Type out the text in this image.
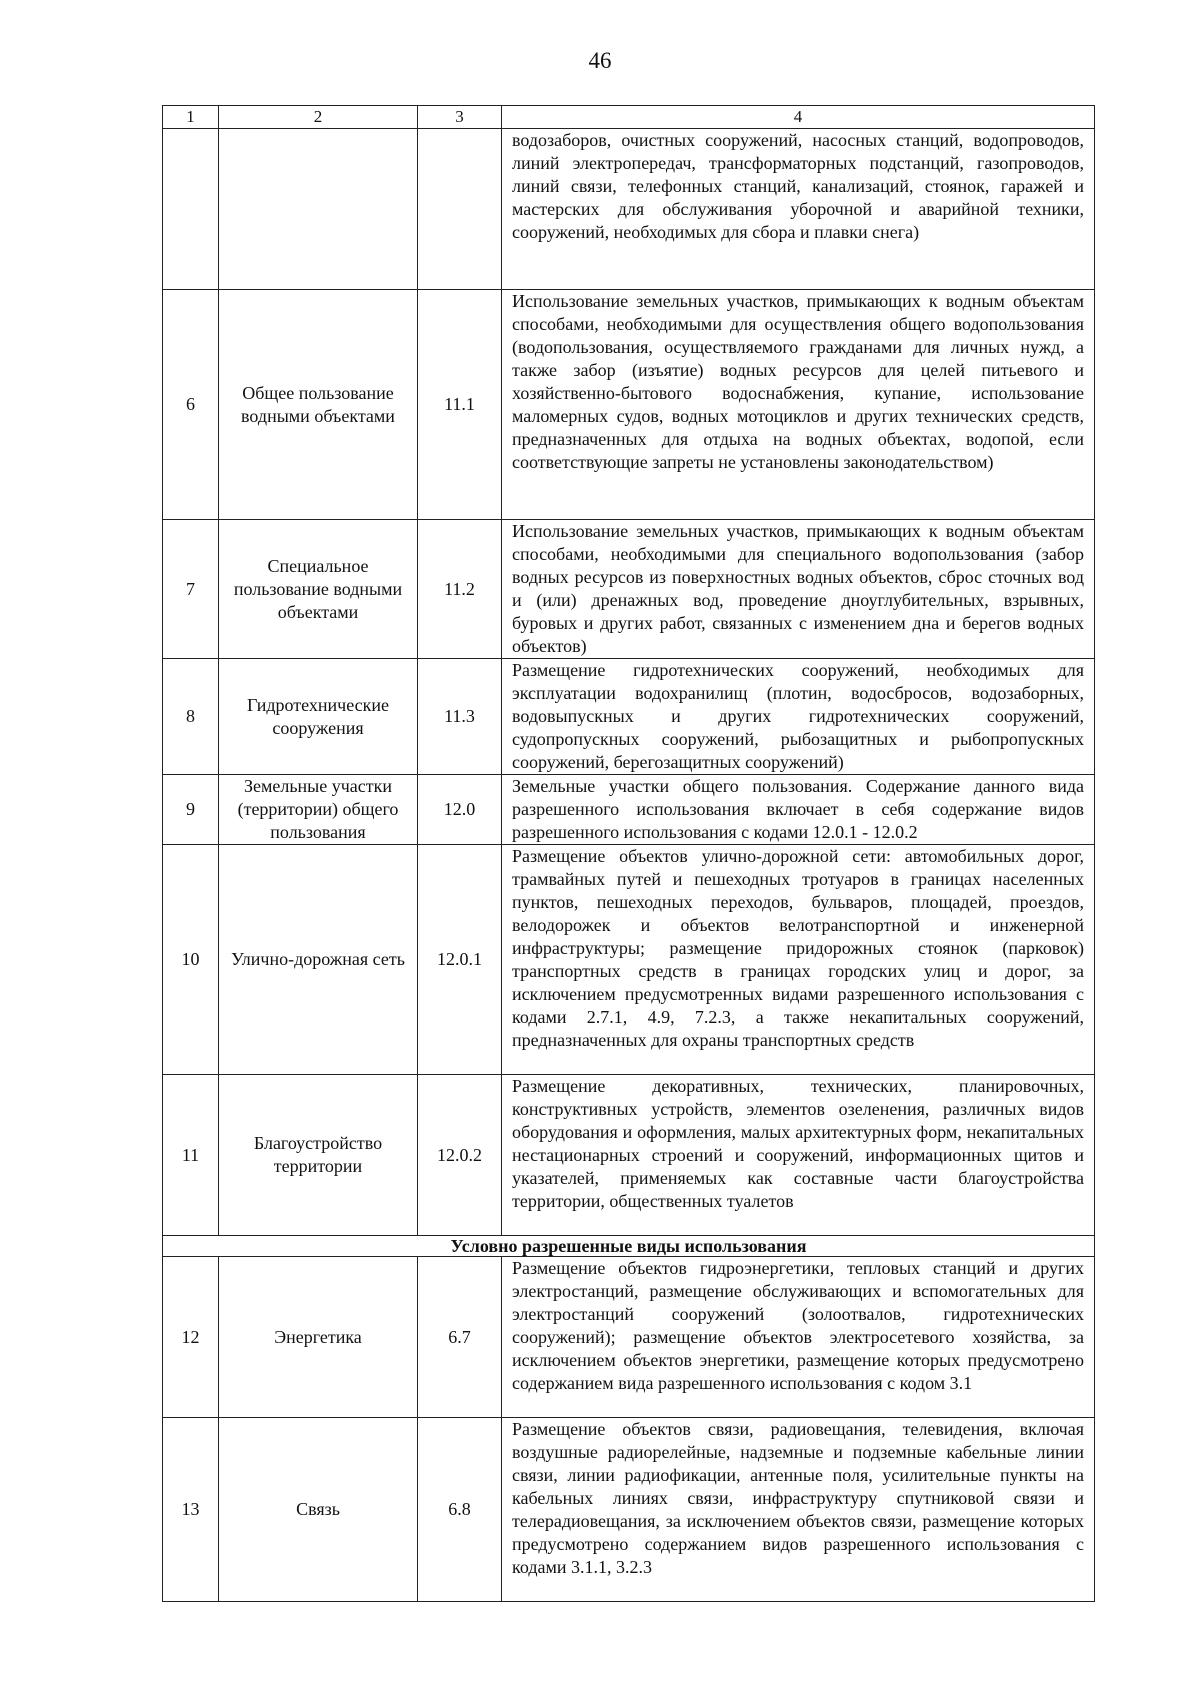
46
1	2	3	4
			водозаборов, очистных сооружений, насосных станций, водопроводов, линий электропередач, трансформаторных подстанций, газопроводов, линий связи, телефонных станций, канализаций, стоянок, гаражей и мастерских для обслуживания уборочной и аварийной техники, сооружений, необходимых для сбора и плавки снега)
6	Общее пользование водными объектами	11.1	Использование земельных участков, примыкающих к водным объектам способами, необходимыми для осуществления общего водопользования (водопользования, осуществляемого гражданами для личных нужд, а также забор (изъятие) водных ресурсов для целей питьевого и хозяйственно-бытового водоснабжения, купание, использование маломерных судов, водных мотоциклов и других технических средств, предназначенных для отдыха на водных объектах, водопой, если соответствующие запреты не установлены законодательством)
7	Специальное пользование водными объектами	11.2	Использование земельных участков, примыкающих к водным объектам способами, необходимыми для специального водопользования (забор водных ресурсов из поверхностных водных объектов, сброс сточных вод и (или) дренажных вод, проведение дноуглубительных, взрывных, буровых и других работ, связанных с изменением дна и берегов водных объектов)
8	Гидротехнические сооружения	11.3	Размещение гидротехнических сооружений, необходимых для эксплуатации водохранилищ (плотин, водосбросов, водозаборных, водовыпускных и других гидротехнических сооружений, судопропускных сооружений, рыбозащитных и рыбопропускных сооружений, берегозащитных сооружений)
9	Земельные участки (территории) общего пользования	12.0	Земельные участки общего пользования. Содержание данного вида разрешенного использования включает в себя содержание видов разрешенного использования с кодами 12.0.1 - 12.0.2
10	Улично-дорожная сеть	12.0.1	Размещение объектов улично-дорожной сети: автомобильных дорог, трамвайных путей и пешеходных тротуаров в границах населенных пунктов, пешеходных переходов, бульваров, площадей, проездов, велодорожек и объектов велотранспортной и инженерной инфраструктуры; размещение придорожных стоянок (парковок) транспортных средств в границах городских улиц и дорог, за исключением предусмотренных видами разрешенного использования с кодами 2.7.1, 4.9, 7.2.3, а также некапитальных сооружений, предназначенных для охраны транспортных средств
11	Благоустройство территории	12.0.2	Размещение декоративных, технических, планировочных, конструктивных устройств, элементов озеленения, различных видов оборудования и оформления, малых архитектурных форм, некапитальных нестационарных строений и сооружений, информационных щитов и указателей, применяемых как составные части благоустройства территории, общественных туалетов
Условно разрешенные виды использования			
12	Энергетика	6.7	Размещение объектов гидроэнергетики, тепловых станций и других электростанций, размещение обслуживающих и вспомогательных для электростанций сооружений (золоотвалов, гидротехнических сооружений); размещение объектов электросетевого хозяйства, за исключением объектов энергетики, размещение которых предусмотрено содержанием вида разрешенного использования с кодом 3.1
13	Связь	6.8	Размещение объектов связи, радиовещания, телевидения, включая воздушные радиорелейные, надземные и подземные кабельные линии связи, линии радиофикации, антенные поля, усилительные пункты на кабельных линиях связи, инфраструктуру спутниковой связи и телерадиовещания, за исключением объектов связи, размещение которых предусмотрено содержанием видов разрешенного использования с кодами 3.1.1, 3.2.3
